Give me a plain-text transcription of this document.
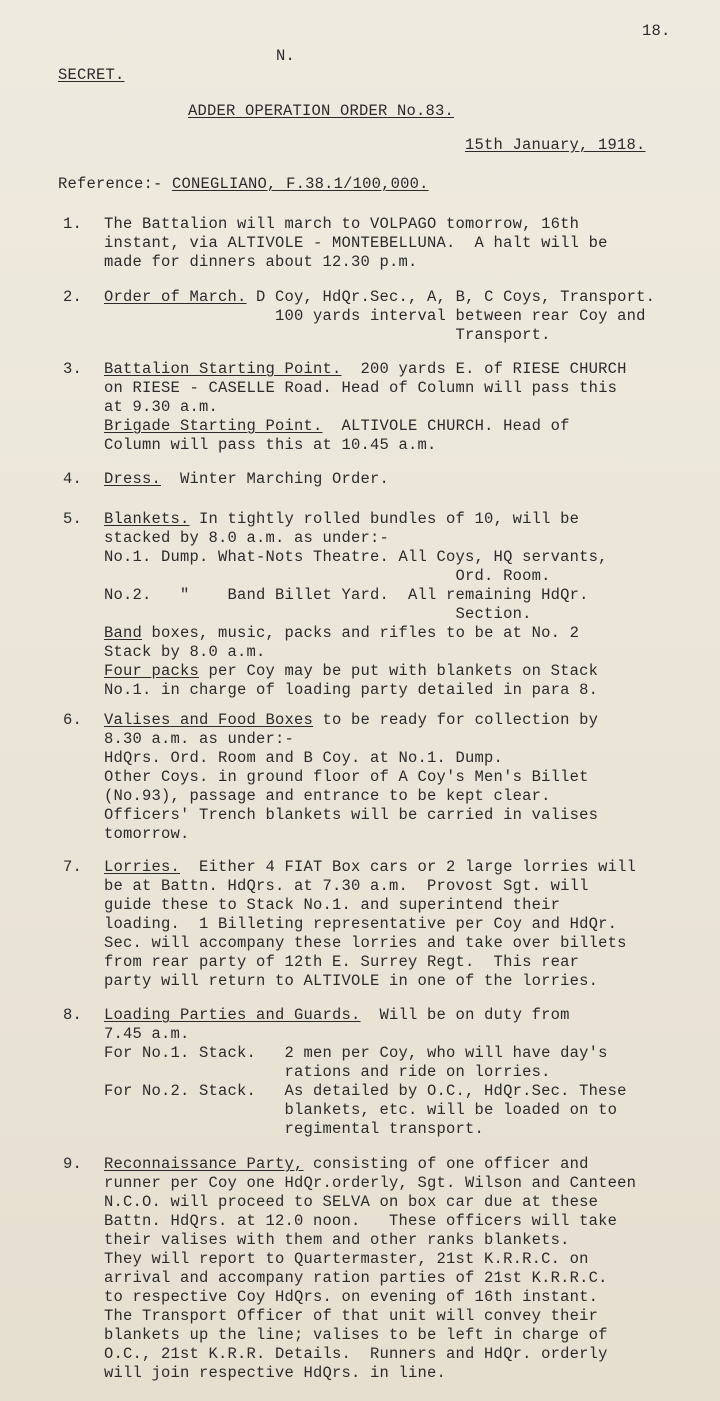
18.
N.
SECRET.
ADDER OPERATION ORDER No.83.
15th January, 1918.
Reference:- CONEGLIANO, F.38.1/100,000.
1. The Battalion will march to VOLPAGO tomorrow, 16th
instant, via ALTIVOLE - MONTEBELLUNA.  A halt will be
made for dinners about 12.30 p.m.
2. Order of March. D Coy, HdQr.Sec., A, B, C Coys, Transport.
100 yards interval between rear Coy and
Transport.
3. Battalion Starting Point.  200 yards E. of RIESE CHURCH
on RIESE - CASELLE Road. Head of Column will pass this
at 9.30 a.m.
Brigade Starting Point.  ALTIVOLE CHURCH. Head of
Column will pass this at 10.45 a.m.
4. Dress.  Winter Marching Order.
5. Blankets. In tightly rolled bundles of 10, will be
stacked by 8.0 a.m. as under:-
No.1. Dump. What-Nots Theatre. All Coys, HQ servants,
Ord. Room.
No.2.   "    Band Billet Yard.  All remaining HdQr.
Section.
Band boxes, music, packs and rifles to be at No. 2
Stack by 8.0 a.m.
Four packs per Coy may be put with blankets on Stack
No.1. in charge of loading party detailed in para 8.
6. Valises and Food Boxes to be ready for collection by
8.30 a.m. as under:-
HdQrs. Ord. Room and B Coy. at No.1. Dump.
Other Coys. in ground floor of A Coy's Men's Billet
(No.93), passage and entrance to be kept clear.
Officers' Trench blankets will be carried in valises
tomorrow.
7. Lorries.  Either 4 FIAT Box cars or 2 large lorries will
be at Battn. HdQrs. at 7.30 a.m.  Provost Sgt. will
guide these to Stack No.1. and superintend their
loading.  1 Billeting representative per Coy and HdQr.
Sec. will accompany these lorries and take over billets
from rear party of 12th E. Surrey Regt.  This rear
party will return to ALTIVOLE in one of the lorries.
8. Loading Parties and Guards.  Will be on duty from
7.45 a.m.
For No.1. Stack.   2 men per Coy, who will have day's
rations and ride on lorries.
For No.2. Stack.   As detailed by O.C., HdQr.Sec. These
blankets, etc. will be loaded on to
regimental transport.
9. Reconnaissance Party, consisting of one officer and
runner per Coy one HdQr.orderly, Sgt. Wilson and Canteen
N.C.O. will proceed to SELVA on box car due at these
Battn. HdQrs. at 12.0 noon.   These officers will take
their valises with them and other ranks blankets.
They will report to Quartermaster, 21st K.R.R.C. on
arrival and accompany ration parties of 21st K.R.R.C.
to respective Coy HdQrs. on evening of 16th instant.
The Transport Officer of that unit will convey their
blankets up the line; valises to be left in charge of
O.C., 21st K.R.R. Details.  Runners and HdQr. orderly
will join respective HdQrs. in line.
